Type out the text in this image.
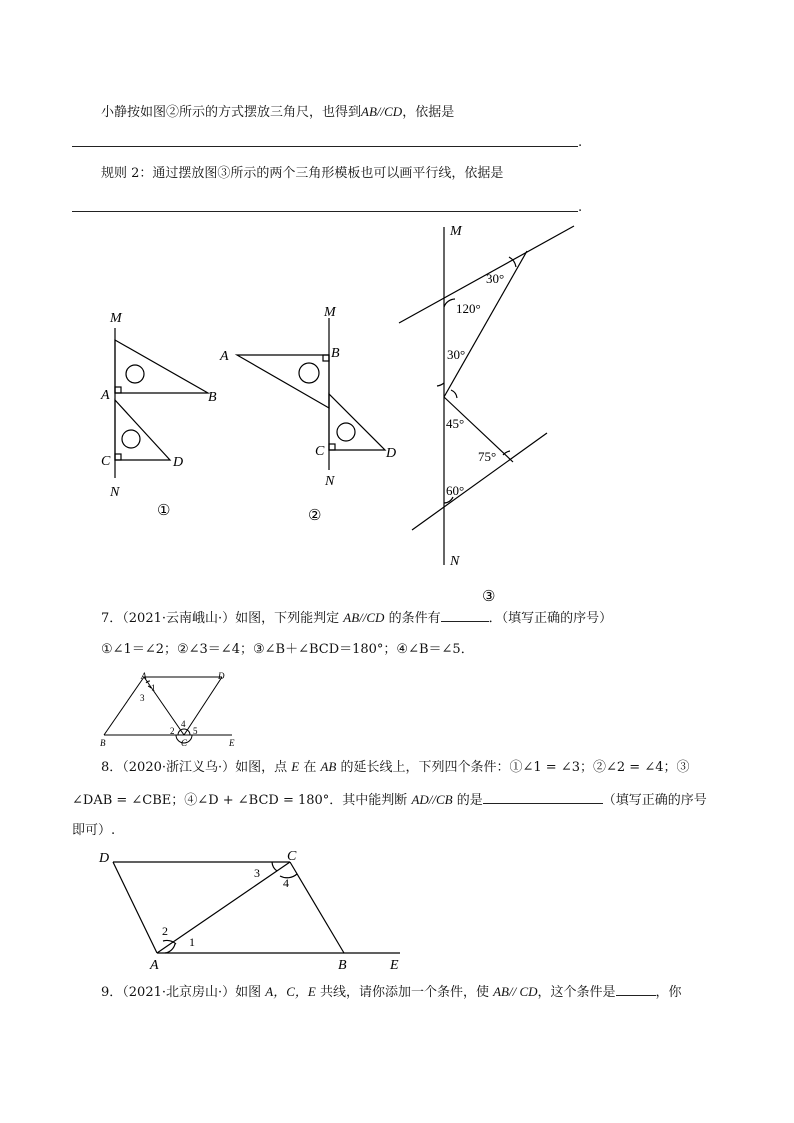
小静按如图②所示的方式摆放三角尺，也得到AB//CD，依据是
.
规则 2：通过摆放图③所示的两个三角形模板也可以画平行线，依据是
.
M
A	B
C	D
N
①
M
A	B
C	D
N
②
M
30°
120°
30°
45°
75°
60°
N
③
A	D
B	C	E
1
3
4
2 5
D	C
A	B	E
1
2
3
4
7．（2021·云南峨山·）如图，下列能判定 AB//CD 的条件有	．（填写正确的序号）
①∠1＝∠2；②∠3＝∠4；③∠B＋∠BCD＝180°；④∠B＝∠5．
8．（2020·浙江义乌·）如图，点 E 在 AB 的延长线上，下列四个条件：①∠1 = ∠3；②∠2 = ∠4；③
∠DAB = ∠CBE；④∠D + ∠BCD = 180°．其中能判断 AD//CB 的是	（填写正确的序号
即可）.
9．（2021·北京房山·）如图 A，C，E 共线，请你添加一个条件，使 AB// CD，这个条件是	，你
